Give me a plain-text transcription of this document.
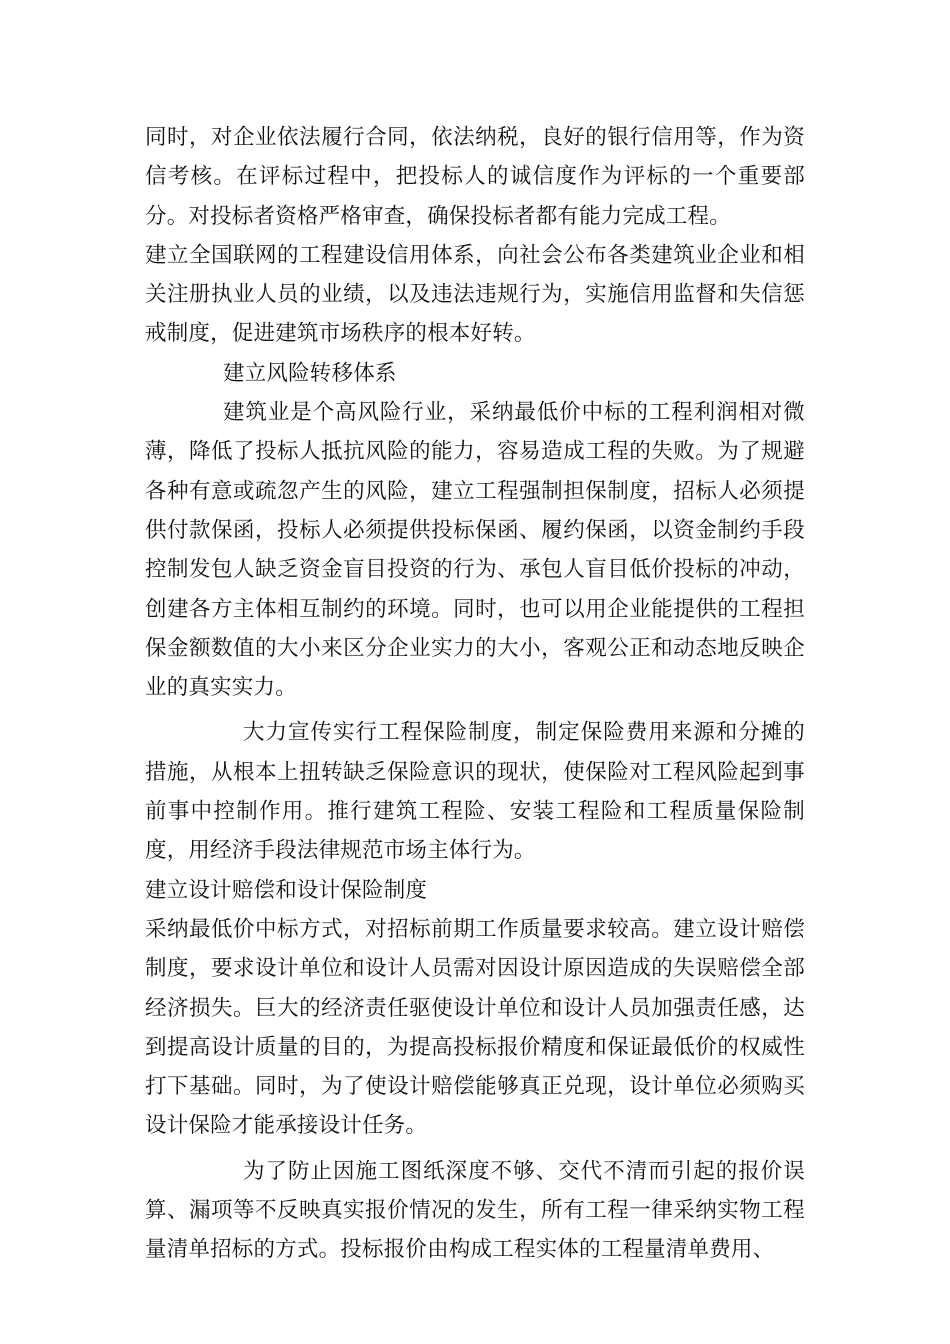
同时，对企业依法履行合同，依法纳税，良好的银行信用等，作为资信考核。在评标过程中，把投标人的诚信度作为评标的一个重要部分。对投标者资格严格审查，确保投标者都有能力完成工程。

建立全国联网的工程建设信用体系，向社会公布各类建筑业企业和相关注册执业人员的业绩，以及违法违规行为，实施信用监督和失信惩戒制度，促进建筑市场秩序的根本好转。

建立风险转移体系

建筑业是个高风险行业，采纳最低价中标的工程利润相对微薄，降低了投标人抵抗风险的能力，容易造成工程的失败。为了规避各种有意或疏忽产生的风险，建立工程强制担保制度，招标人必须提供付款保函，投标人必须提供投标保函、履约保函，以资金制约手段控制发包人缺乏资金盲目投资的行为、承包人盲目低价投标的冲动，创建各方主体相互制约的环境。同时，也可以用企业能提供的工程担保金额数值的大小来区分企业实力的大小，客观公正和动态地反映企业的真实实力。

大力宣传实行工程保险制度，制定保险费用来源和分摊的措施，从根本上扭转缺乏保险意识的现状，使保险对工程风险起到事前事中控制作用。推行建筑工程险、安装工程险和工程质量保险制度，用经济手段法律规范市场主体行为。

建立设计赔偿和设计保险制度

采纳最低价中标方式，对招标前期工作质量要求较高。建立设计赔偿制度，要求设计单位和设计人员需对因设计原因造成的失误赔偿全部经济损失。巨大的经济责任驱使设计单位和设计人员加强责任感，达到提高设计质量的目的，为提高投标报价精度和保证最低价的权威性打下基础。同时，为了使设计赔偿能够真正兑现，设计单位必须购买设计保险才能承接设计任务。

为了防止因施工图纸深度不够、交代不清而引起的报价误算、漏项等不反映真实报价情况的发生，所有工程一律采纳实物工程量清单招标的方式。投标报价由构成工程实体的工程量清单费用、
